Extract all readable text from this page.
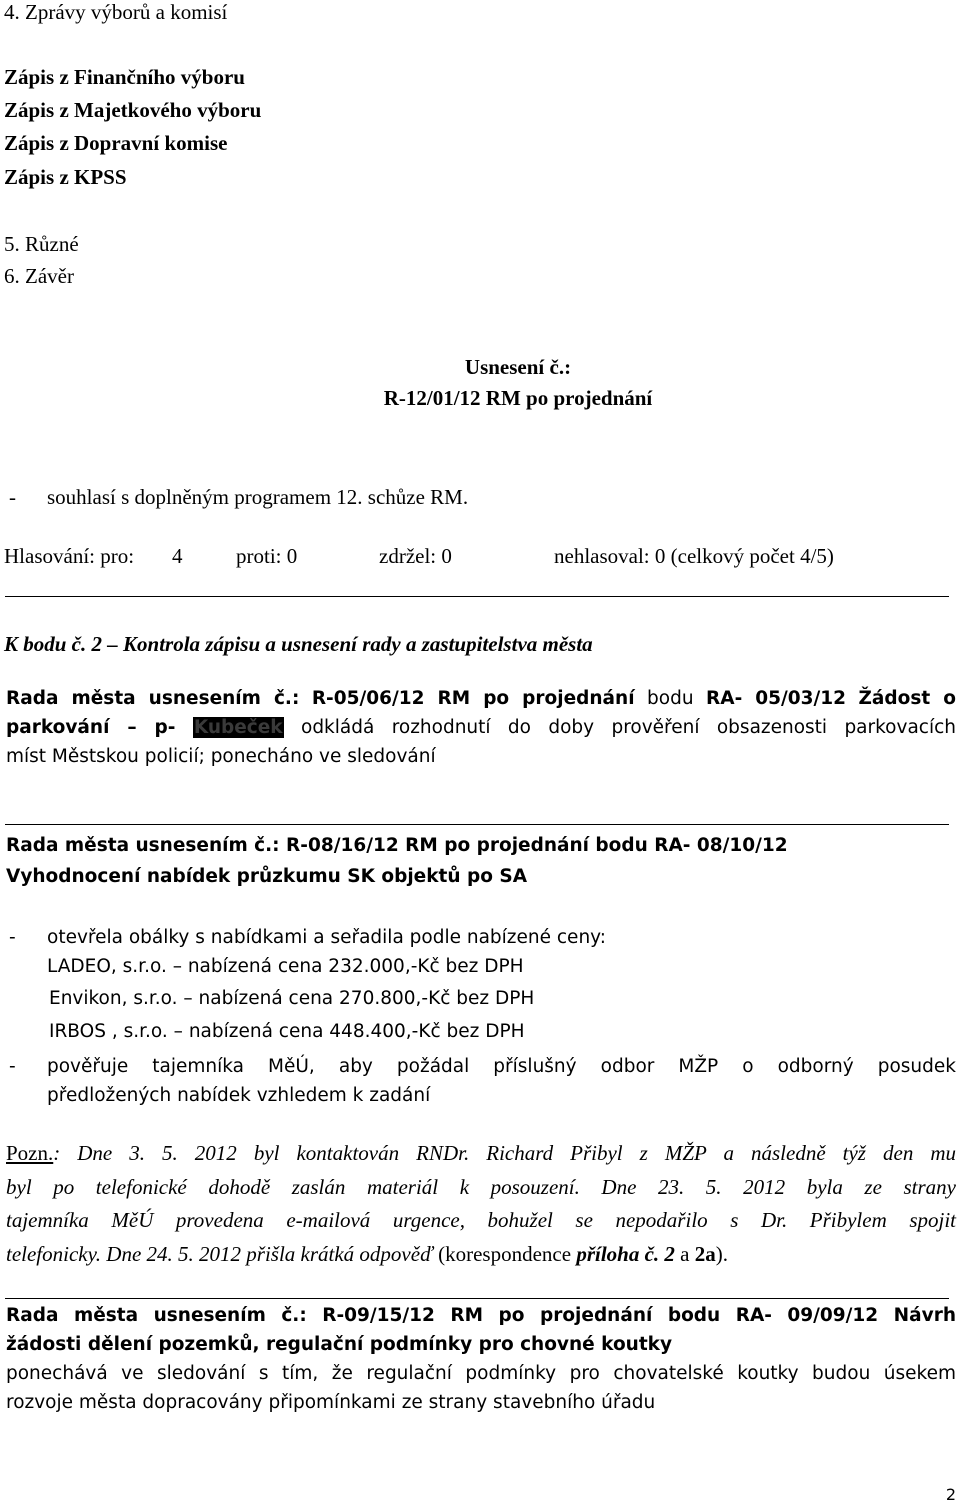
4. Zprávy výborů a komisí
Zápis z Finančního výboru
Zápis z Majetkového výboru
Zápis z Dopravní komise
Zápis z KPSS
5. Různé
6. Závěr
Usnesení č.:
R-12/01/12 RM po projednání
- souhlasí s doplněným programem 12. schůze RM.
Hlasování: pro: 4	proti: 0	zdržel: 0	nehlasoval: 0 (celkový počet 4/5)
K bodu č. 2 – Kontrola zápisu a usnesení rady a zastupitelstva města
Rada města usnesením č.: R-05/06/12 RM po projednání bodu RA- 05/03/12 Žádost o
parkování – p- Kubeček odkládá rozhodnutí do doby prověření obsazenosti parkovacích
míst Městskou policií; ponecháno ve sledování
Rada města usnesením č.: R-08/16/12 RM po projednání bodu RA- 08/10/12
Vyhodnocení nabídek průzkumu SK objektů po SA
- otevřela obálky s nabídkami a seřadila podle nabízené ceny:
LADEO, s.r.o. – nabízená cena 232.000,-Kč bez DPH
Envikon, s.r.o. – nabízená cena 270.800,-Kč bez DPH
IRBOS , s.r.o. – nabízená cena 448.400,-Kč bez DPH
- pověřuje tajemníka MěÚ, aby požádal příslušný odbor MŽP o odborný posudek
předložených nabídek vzhledem k zadání
Pozn.: Dne 3. 5. 2012 byl kontaktován RNDr. Richard Přibyl z MŽP a následně týž den mu
byl po telefonické dohodě zaslán materiál k posouzení. Dne 23. 5. 2012 byla ze strany
tajemníka MěÚ provedena e-mailová urgence, bohužel se nepodařilo s Dr. Přibylem spojit
telefonicky. Dne 24. 5. 2012 přišla krátká odpověď (korespondence příloha č. 2 a 2a).
Rada města usnesením č.: R-09/15/12 RM po projednání bodu RA- 09/09/12 Návrh
žádosti dělení pozemků, regulační podmínky pro chovné koutky
ponechává ve sledování s tím, že regulační podmínky pro chovatelské koutky budou úsekem
rozvoje města dopracovány připomínkami ze strany stavebního úřadu
2
